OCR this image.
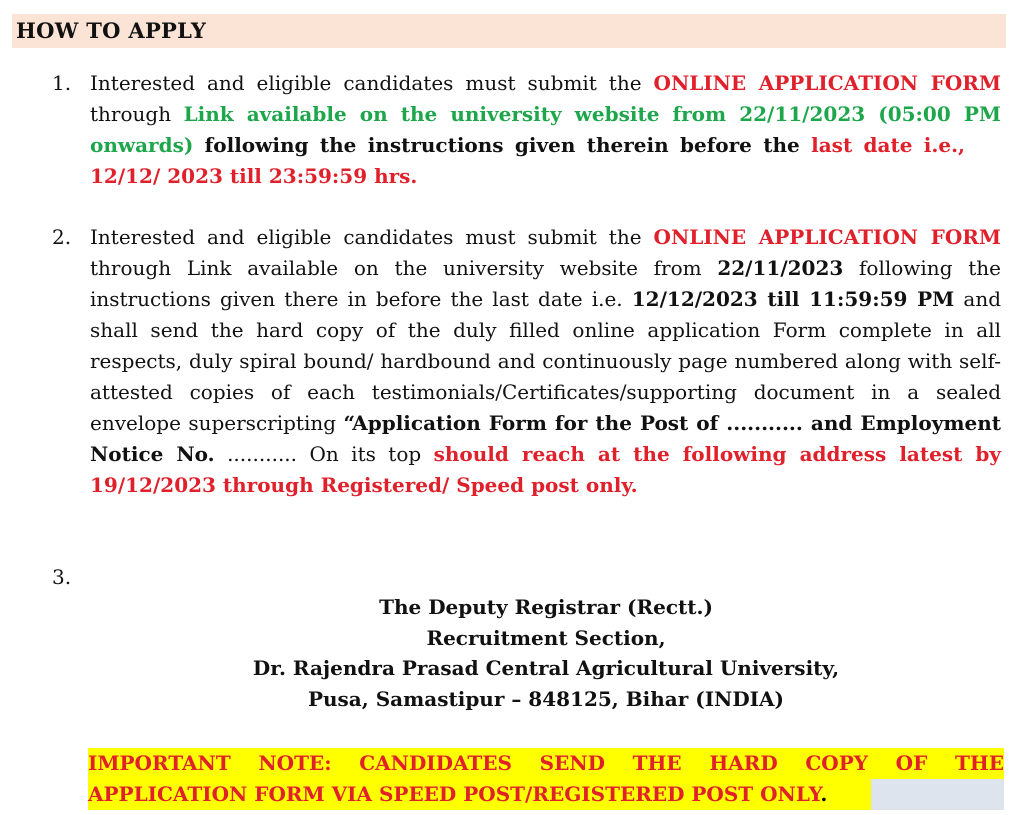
HOW TO APPLY
1. Interested and eligible candidates must submit the ONLINE APPLICATION FORM through Link available on the university website from 22/11/2023 (05:00 PM onwards) following the instructions given therein before the last date i.e.,12/12/ 2023 till 23:59:59 hrs.
2. Interested and eligible candidates must submit the ONLINE APPLICATION FORM through Link available on the university website from 22/11/2023 following the instructions given there in before the last date i.e. 12/12/2023 till 11:59:59 PM and shall send the hard copy of the duly filled online application Form complete in all respects, duly spiral bound/ hardbound and continuously page numbered along with self-attested copies of each testimonials/Certificates/supporting document in a sealed envelope superscripting “Application Form for the Post of ........... and Employment Notice No. ........... On its top should reach at the following address latest by 19/12/2023 through Registered/ Speed post only.
3.
The Deputy Registrar (Rectt.)
Recruitment Section,
Dr. Rajendra Prasad Central Agricultural University,
Pusa, Samastipur – 848125, Bihar (INDIA)
IMPORTANT NOTE: CANDIDATES SEND THE HARD COPY OF THE
APPLICATION FORM VIA SPEED POST/REGISTERED POST ONLY.
